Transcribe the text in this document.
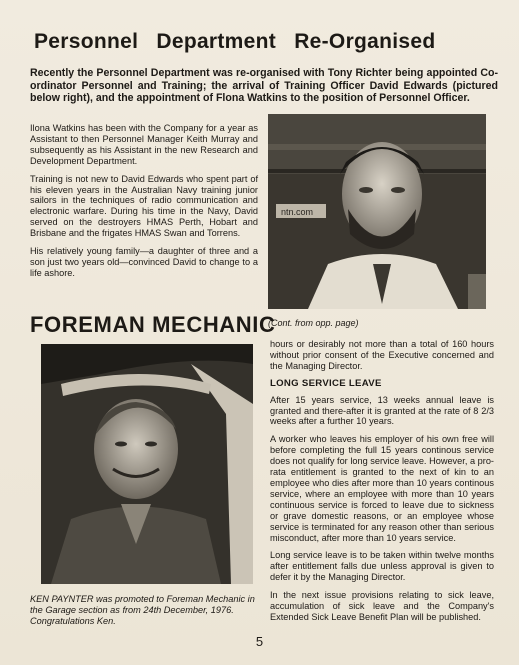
Personnel Department Re-Organised
Recently the Personnel Department was re-organised with Tony Richter being appointed Co-ordinator Personnel and Training; the arrival of Training Officer David Edwards (pictured below right), and the appointment of Flona Watkins to the position of Personnel Officer.

Ilona Watkins has been with the Company for a year as Assistant to then Personnel Manager Keith Murray and subsequently as his Assistant in the new Research and Development Department.

Training is not new to David Edwards who spent part of his eleven years in the Australian Navy training junior sailors in the techniques of radio communication and electronic warfare. During his time in the Navy, David served on the destroyers HMAS Perth, Hobart and Brisbane and the frigates HMAS Swan and Torrens.

His relatively young family—a daughter of three and a son just two years old—convinced David to change to a life ashore.

ntn.com
FOREMAN MECHANIC
(Cont. from opp. page)

hours or desirably not more than a total of 160 hours without prior consent of the Executive concerned and the Managing Director.

LONG SERVICE LEAVE

After 15 years service, 13 weeks annual leave is granted and there-after it is granted at the rate of 8 2/3 weeks after a further 10 years.

A worker who leaves his employer of his own free will before completing the full 15 years continous service does not qualify for long service leave. However, a pro-rata entitlement is granted to the next of kin to an employee who dies after more than 10 years continous service, where an employee with more than 10 years continuous service is forced to leave due to sickness or grave domestic reasons, or an employee whose service is terminated for any reason other than serious misconduct, after more than 10 years service.

Long service leave is to be taken within twelve months after entitlement falls due unless approval is given to defer it by the Managing Director.

In the next issue provisions relating to sick leave, accumulation of sick leave and the Company's Extended Sick Leave Benefit Plan will be published.

KEN PAYNTER was promoted to Foreman Mechanic in the Garage section as from 24th December, 1976. Congratulations Ken.
5
